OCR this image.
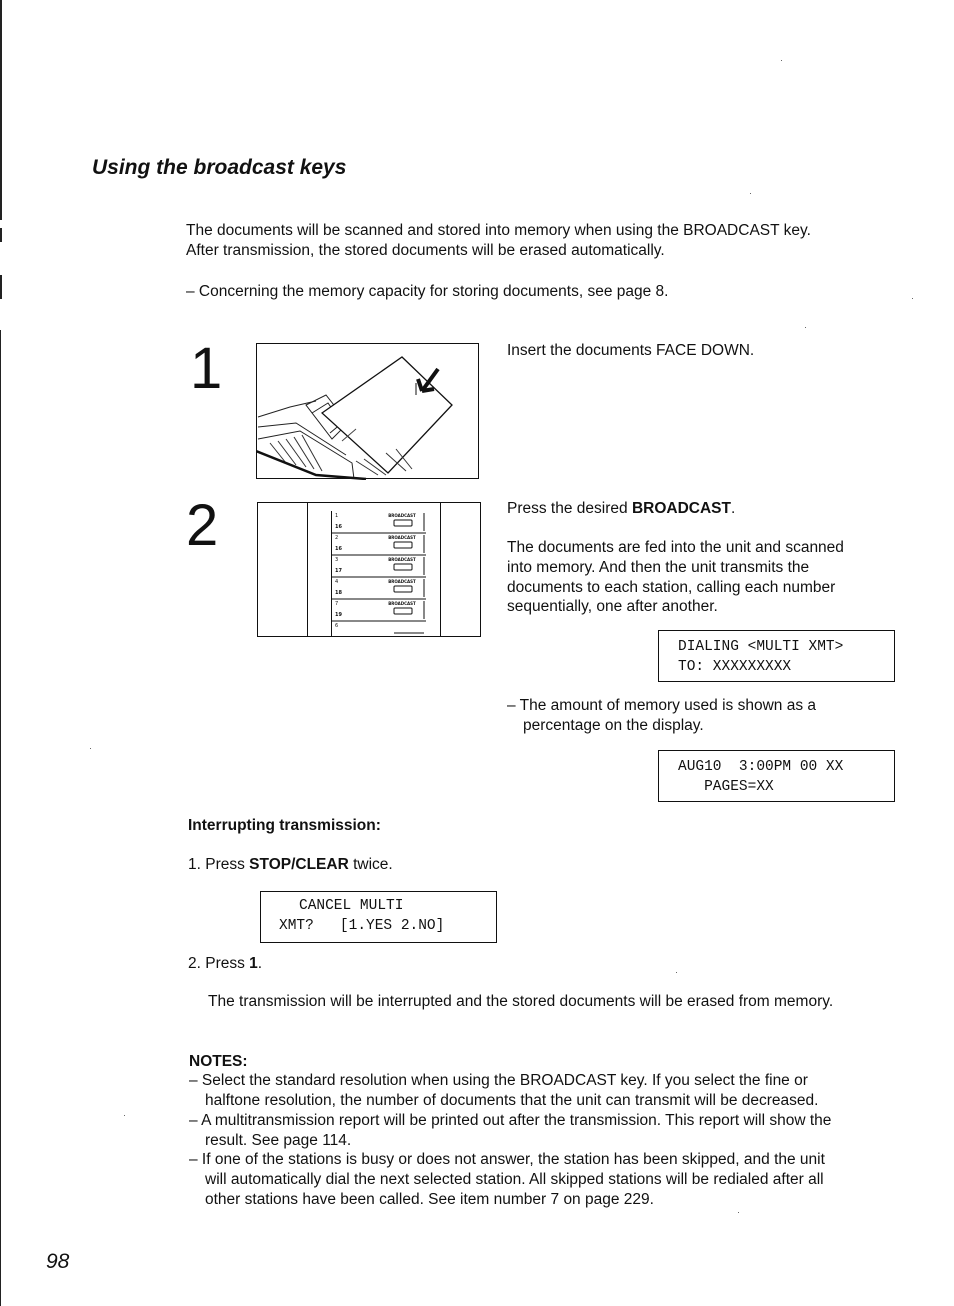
Using the broadcast keys
The documents will be scanned and stored into memory when using the BROADCAST key.
After transmission, the stored documents will be erased automatically.
– Concerning the memory capacity for storing documents, see page 8.
1	Insert the documents FACE DOWN.
2	1
16
BROADCAST
2
16
BROADCAST
3
17
BROADCAST
4
18
BROADCAST
7
19
BROADCAST
6
Press the desired BROADCAST.
The documents are fed into the unit and scanned
into memory. And then the unit transmits the
documents to each station, calling each number
sequentially, one after another.
DIALING <MULTI XMT>
TO: XXXXXXXXX
– The amount of memory used is shown as a
percentage on the display.
AUG10  3:00PM 00 XX
PAGES=XX
Interrupting transmission:
1. Press STOP/CLEAR twice.
CANCEL MULTI
XMT?   [1.YES 2.NO]
2. Press 1.
The transmission will be interrupted and the stored documents will be erased from memory.
NOTES:
– Select the standard resolution when using the BROADCAST key. If you select the fine or
halftone resolution, the number of documents that the unit can transmit will be decreased.
– A multitransmission report will be printed out after the transmission. This report will show the
result. See page 114.
– If one of the stations is busy or does not answer, the station has been skipped, and the unit
will automatically dial the next selected station. All skipped stations will be redialed after all
other stations have been called. See item number 7 on page 229.
98
